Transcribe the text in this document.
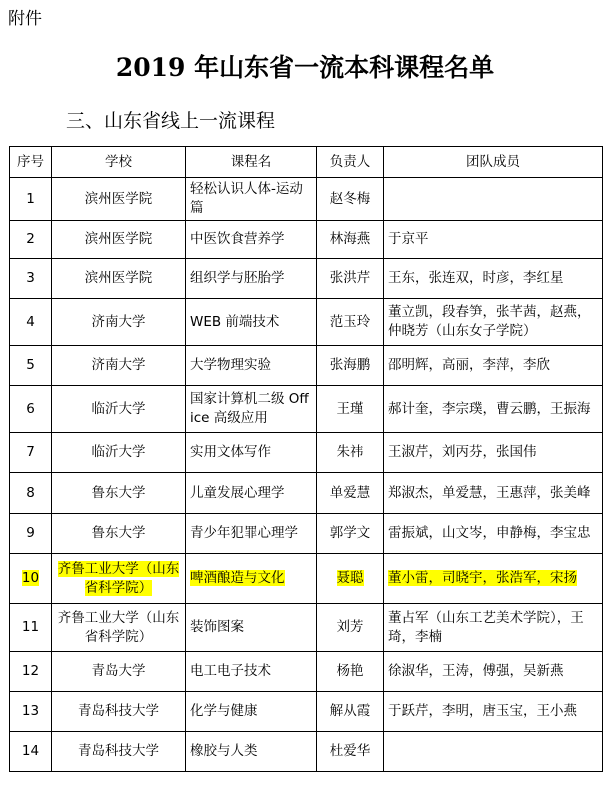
附件
2019 年山东省一流本科课程名单
三、山东省线上一流课程
序号	学校	课程名	负责人	团队成员
1	滨州医学院	轻松认识人体-运动篇	赵冬梅	
2	滨州医学院	中医饮食营养学	林海燕	于京平
3	滨州医学院	组织学与胚胎学	张洪芹	王东，张连双，时彦，李红星
4	济南大学	WEB 前端技术	范玉玲	董立凯，段春笋，张芊茜，赵燕，仲晓芳（山东女子学院）
5	济南大学	大学物理实验	张海鹏	邵明辉，高丽，李萍，李欣
6	临沂大学	国家计算机二级 Office 高级应用	王瑾	郝计奎，李宗璞，曹云鹏，王振海
7	临沂大学	实用文体写作	朱祎	王淑芹，刘丙芬，张国伟
8	鲁东大学	儿童发展心理学	单爱慧	郑淑杰，单爱慧，王惠萍，张美峰
9	鲁东大学	青少年犯罪心理学	郭学文	雷振斌，山文岑，申静梅，李宝忠
10	齐鲁工业大学（山东省科学院）	啤酒酿造与文化	聂聪	董小雷，司晓宇，张浩军，宋扬
11	齐鲁工业大学（山东省科学院）	装饰图案	刘芳	董占军（山东工艺美术学院），王琦，李楠
12	青岛大学	电工电子技术	杨艳	徐淑华，王涛，傅强，吴新燕
13	青岛科技大学	化学与健康	解从霞	于跃芹，李明，唐玉宝，王小燕
14	青岛科技大学	橡胶与人类	杜爱华	
